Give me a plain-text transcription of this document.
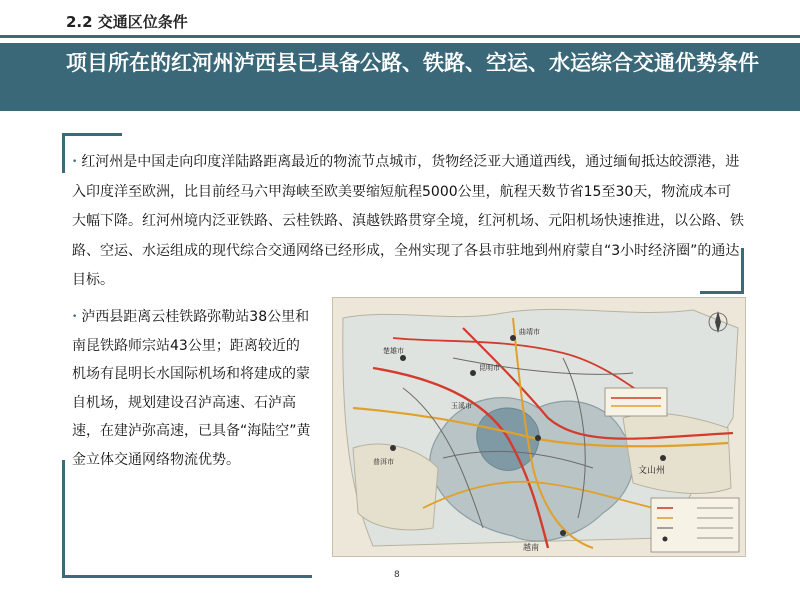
2.2 交通区位条件
项目所在的红河州泸西县已具备公路、铁路、空运、水运综合交通优势条件
• 红河州是中国走向印度洋陆路距离最近的物流节点城市，货物经泛亚大通道西线，通过缅甸抵达皎漂港，进入印度洋至欧洲，比目前经马六甲海峡至欧美要缩短航程5000公里，航程天数节省15至30天，物流成本可大幅下降。红河州境内泛亚铁路、云桂铁路、滇越铁路贯穿全境，红河机场、元阳机场快速推进，以公路、铁路、空运、水运组成的现代综合交通网络已经形成，全州实现了各县市驻地到州府蒙自“3小时经济圈”的通达目标。
• 泸西县距离云桂铁路弥勒站38公里和南昆铁路师宗站43公里；距离较近的机场有昆明长水国际机场和将建成的蒙自机场，规划建设召泸高速、石泸高速，在建泸弥高速，已具备“海陆空”黄金立体交通网络物流优势。
曲靖市
楚雄市
昆明市
玉溪市
文山州
普洱市
越南
8
